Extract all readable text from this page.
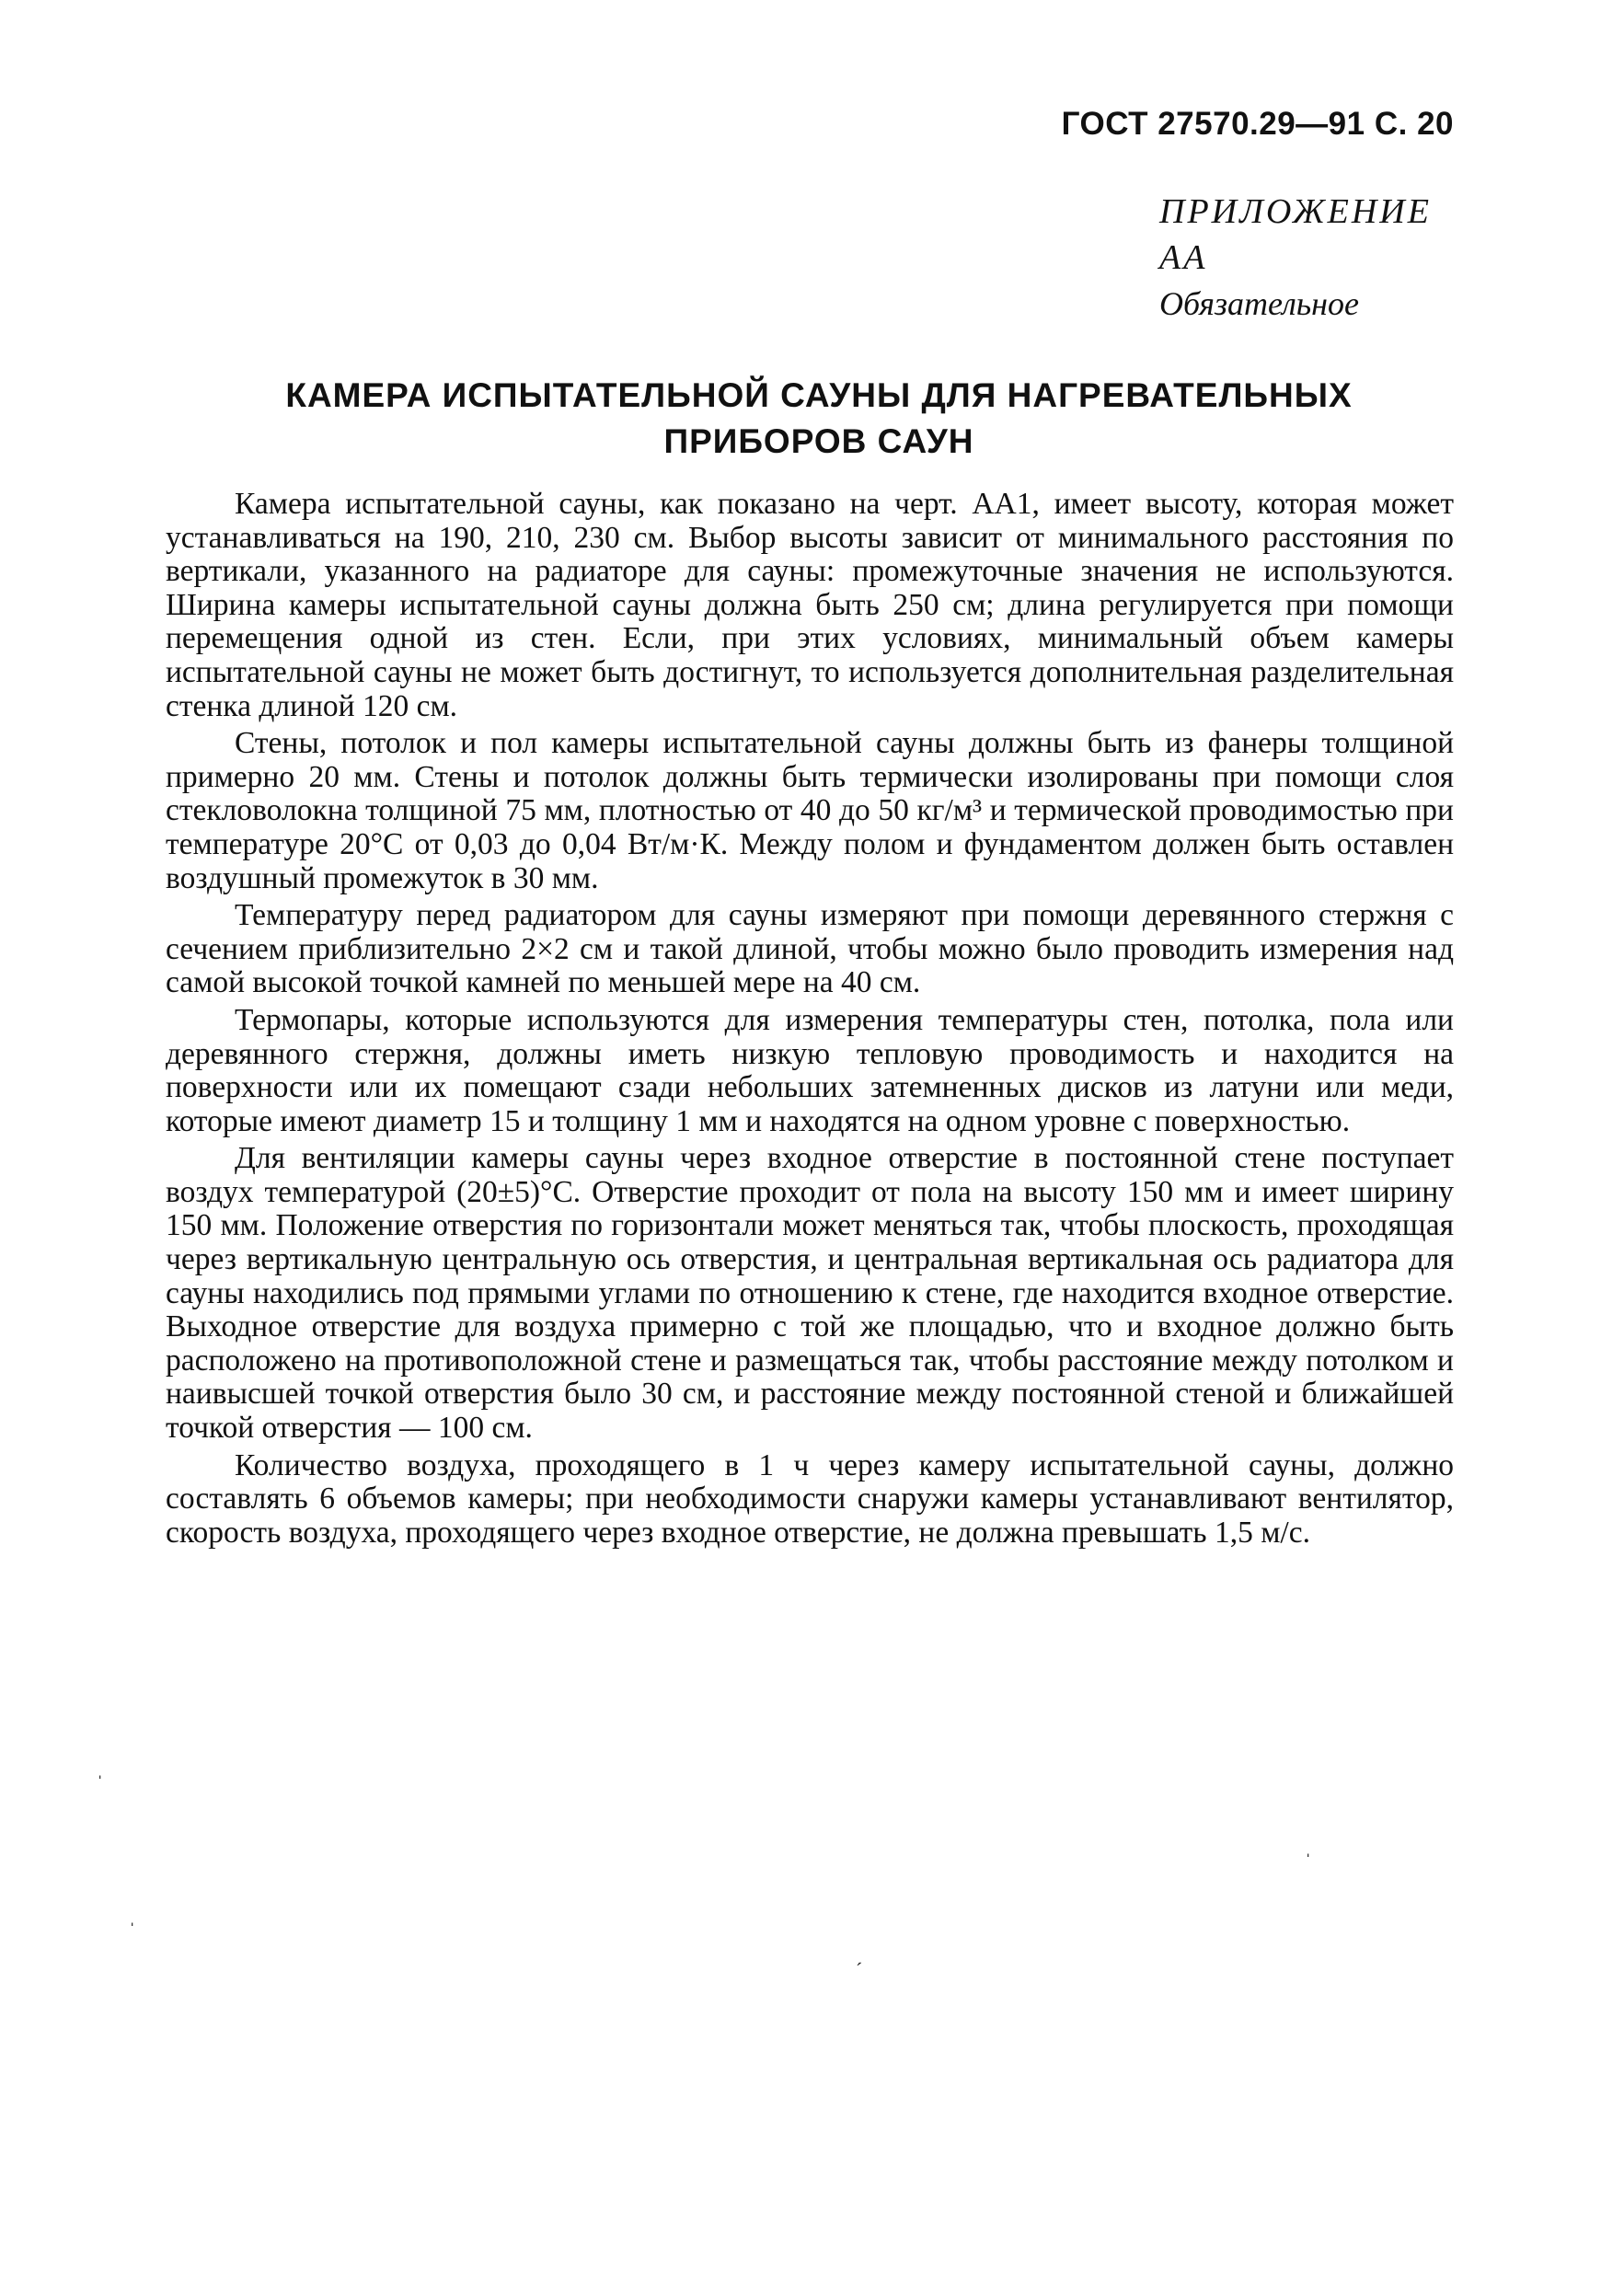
ГОСТ 27570.29—91 С. 20
ПРИЛОЖЕНИЕ АА
Обязательное
КАМЕРА ИСПЫТАТЕЛЬНОЙ САУНЫ ДЛЯ НАГРЕВАТЕЛЬНЫХ ПРИБОРОВ САУН

Камера испытательной сауны, как показано на черт. АА1, имеет высоту, которая может устанавливаться на 190, 210, 230 см. Выбор высоты зависит от минимального расстояния по вертикали, указанного на радиаторе для сауны: промежуточные значения не используются. Ширина камеры испытательной сауны должна быть 250 см; длина регулируется при помощи перемещения одной из стен. Если, при этих условиях, минимальный объем камеры испытательной сауны не может быть достигнут, то используется дополнительная разделительная стенка длиной 120 см.

Стены, потолок и пол камеры испытательной сауны должны быть из фанеры толщиной примерно 20 мм. Стены и потолок должны быть термически изолированы при помощи слоя стекловолокна толщиной 75 мм, плотностью от 40 до 50 кг/м³ и термической проводимостью при температуре 20°С от 0,03 до 0,04 Вт/м·К. Между полом и фундаментом должен быть оставлен воздушный промежуток в 30 мм.

Температуру перед радиатором для сауны измеряют при помощи деревянного стержня с сечением приблизительно 2×2 см и такой длиной, чтобы можно было проводить измерения над самой высокой точкой камней по меньшей мере на 40 см.

Термопары, которые используются для измерения температуры стен, потолка, пола или деревянного стержня, должны иметь низкую тепловую проводимость и находится на поверхности или их помещают сзади небольших затемненных дисков из латуни или меди, которые имеют диаметр 15 и толщину 1 мм и находятся на одном уровне с поверхностью.

Для вентиляции камеры сауны через входное отверстие в постоянной стене поступает воздух температурой (20±5)°С. Отверстие проходит от пола на высоту 150 мм и имеет ширину 150 мм. Положение отверстия по горизонтали может меняться так, чтобы плоскость, проходящая через вертикальную центральную ось отверстия, и центральная вертикальная ось радиатора для сауны находились под прямыми углами по отношению к стене, где находится входное отверстие. Выходное отверстие для воздуха примерно с той же площадью, что и входное должно быть расположено на противоположной стене и размещаться так, чтобы расстояние между потолком и наивысшей точкой отверстия было 30 см, и расстояние между постоянной стеной и ближайшей точкой отверстия — 100 см.

Количество воздуха, проходящего в 1 ч через камеру испытательной сауны, должно составлять 6 объемов камеры; при необходимости снаружи камеры устанавливают вентилятор, скорость воздуха, проходящего через входное отверстие, не должна превышать 1,5 м/с.

ˈ
ˈ
ˌ
ˊ
